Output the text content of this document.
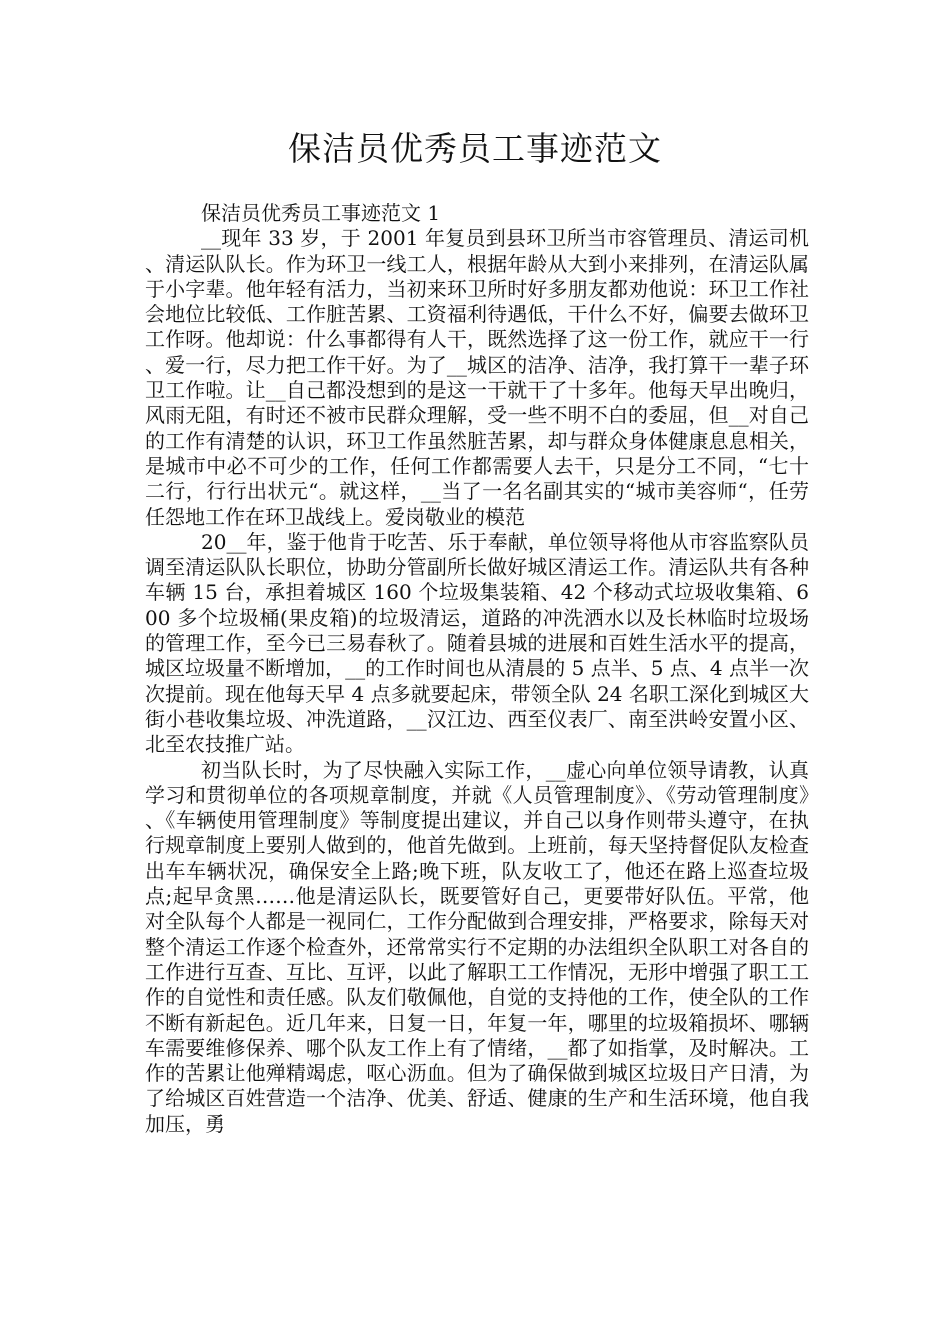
保洁员优秀员工事迹范文

保洁员优秀员工事迹范文 1

__现年 33 岁，于 2001 年复员到县环卫所当市容管理员、清运司机、清运队队长。作为环卫一线工人，根据年龄从大到小来排列，在清运队属于小字辈。他年轻有活力，当初来环卫所时好多朋友都劝他说：环卫工作社会地位比较低、工作脏苦累、工资福利待遇低，干什么不好，偏要去做环卫工作呀。他却说：什么事都得有人干，既然选择了这一份工作，就应干一行、爱一行，尽力把工作干好。为了__城区的洁净、洁净，我打算干一辈子环卫工作啦。让__自己都没想到的是这一干就干了十多年。他每天早出晚归，风雨无阻，有时还不被市民群众理解，受一些不明不白的委屈，但__对自己的工作有清楚的认识，环卫工作虽然脏苦累，却与群众身体健康息息相关，是城市中必不可少的工作，任何工作都需要人去干，只是分工不同，“七十二行，行行出状元“。就这样，__当了一名名副其实的“城市美容师“，任劳任怨地工作在环卫战线上。爱岗敬业的模范

20__年，鉴于他肯于吃苦、乐于奉献，单位领导将他从市容监察队员调至清运队队长职位，协助分管副所长做好城区清运工作。清运队共有各种车辆 15 台，承担着城区 160 个垃圾集装箱、42 个移动式垃圾收集箱、600 多个垃圾桶(果皮箱)的垃圾清运，道路的冲洗洒水以及长林临时垃圾场的管理工作，至今已三易春秋了。随着县城的进展和百姓生活水平的提高，城区垃圾量不断增加，__的工作时间也从清晨的 5 点半、5 点、4 点半一次次提前。现在他每天早 4 点多就要起床，带领全队 24 名职工深化到城区大街小巷收集垃圾、冲洗道路，__汉江边、西至仪表厂、南至洪岭安置小区、北至农技推广站。

初当队长时，为了尽快融入实际工作，__虚心向单位领导请教，认真学习和贯彻单位的各项规章制度，并就《人员管理制度》、《劳动管理制度》、《车辆使用管理制度》等制度提出建议，并自己以身作则带头遵守，在执行规章制度上要别人做到的，他首先做到。上班前，每天坚持督促队友检查出车车辆状况，确保安全上路;晚下班，队友收工了，他还在路上巡查垃圾点;起早贪黑……他是清运队长，既要管好自己，更要带好队伍。平常，他对全队每个人都是一视同仁，工作分配做到合理安排，严格要求，除每天对整个清运工作逐个检查外，还常常实行不定期的办法组织全队职工对各自的工作进行互查、互比、互评，以此了解职工工作情况，无形中增强了职工工作的自觉性和责任感。队友们敬佩他，自觉的支持他的工作，使全队的工作不断有新起色。近几年来，日复一日，年复一年，哪里的垃圾箱损坏、哪辆车需要维修保养、哪个队友工作上有了情绪，__都了如指掌，及时解决。工作的苦累让他殚精竭虑，呕心沥血。但为了确保做到城区垃圾日产日清，为了给城区百姓营造一个洁净、优美、舒适、健康的生产和生活环境，他自我加压，勇
